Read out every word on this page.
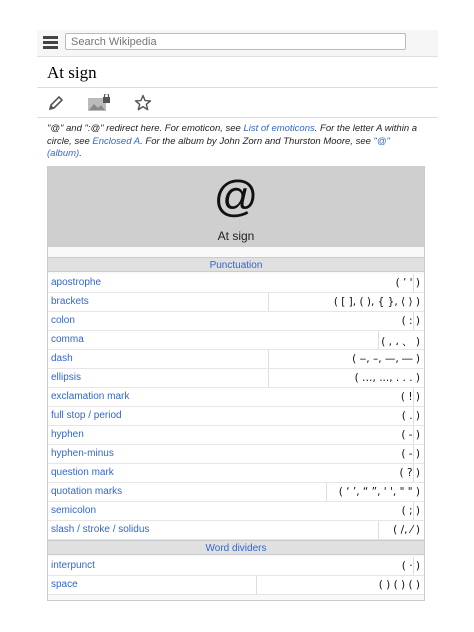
Search Wikipedia
At sign
"@" and ":@" redirect here. For emoticon, see List of emoticons. For the letter A within a circle, see Enclosed A. For the album by John Zorn and Thurston Moore, see "@" (album).
@
At sign
Punctuation
apostrophe	( ’ ' )
brackets	( [ ], ( ), { }, ⟨ ⟩ )
colon	( : )
comma	( , ، 、 )
dash	( ‒, –, —, ― )
ellipsis	( …, ..., . . . )
exclamation mark	( ! )
full stop / period	( . )
hyphen	( ‐ )
hyphen-minus	( - )
question mark	( ? )
quotation marks	( ‘ ’, “ ”, ' ', " " )
semicolon	( ; )
slash / stroke / solidus	( /, ⁄ )
Word dividers
interpunct	( · )
space	( ) ( ) ( )
